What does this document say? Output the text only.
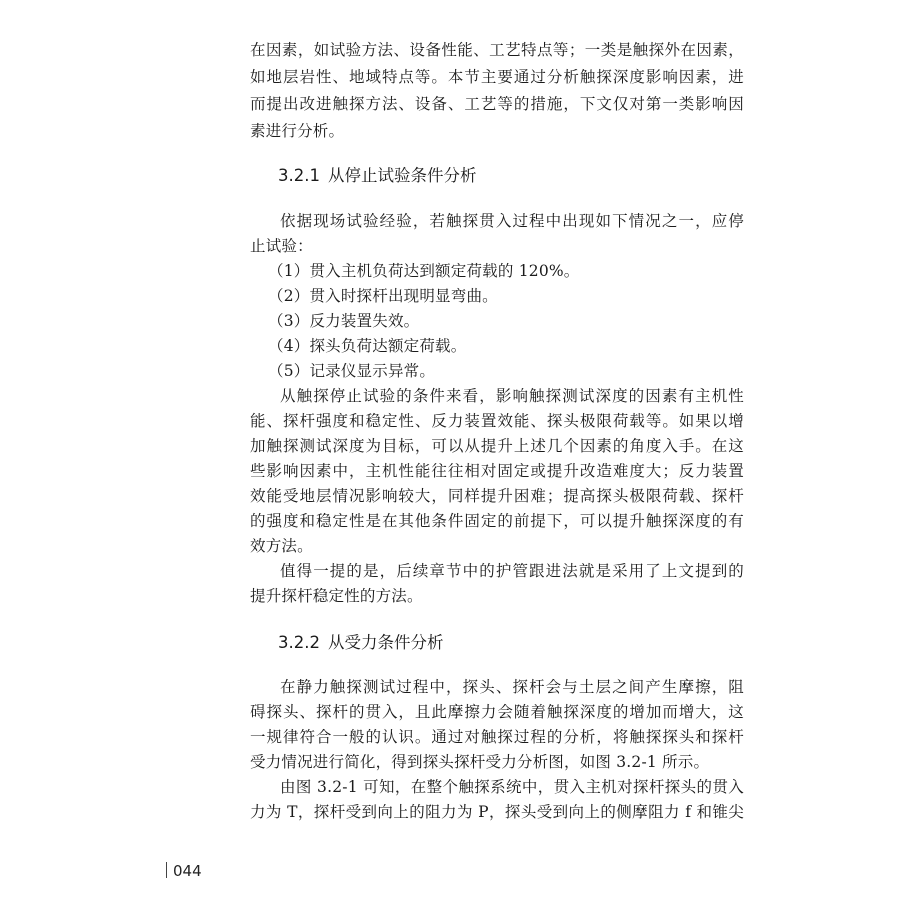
在因素，如试验方法、设备性能、工艺特点等；一类是触探外在因素，
如地层岩性、地域特点等。本节主要通过分析触探深度影响因素，进
而提出改进触探方法、设备、工艺等的措施，下文仅对第一类影响因
素进行分析。
3.2.1 从停止试验条件分析
依据现场试验经验，若触探贯入过程中出现如下情况之一，应停
止试验：
（1）贯入主机负荷达到额定荷载的 120%。
（2）贯入时探杆出现明显弯曲。
（3）反力装置失效。
（4）探头负荷达额定荷载。
（5）记录仪显示异常。
从触探停止试验的条件来看，影响触探测试深度的因素有主机性
能、探杆强度和稳定性、反力装置效能、探头极限荷载等。如果以增
加触探测试深度为目标，可以从提升上述几个因素的角度入手。在这
些影响因素中，主机性能往往相对固定或提升改造难度大；反力装置
效能受地层情况影响较大，同样提升困难；提高探头极限荷载、探杆
的强度和稳定性是在其他条件固定的前提下，可以提升触探深度的有
效方法。
值得一提的是，后续章节中的护管跟进法就是采用了上文提到的
提升探杆稳定性的方法。
3.2.2 从受力条件分析
在静力触探测试过程中，探头、探杆会与土层之间产生摩擦，阻
碍探头、探杆的贯入，且此摩擦力会随着触探深度的增加而增大，这
一规律符合一般的认识。通过对触探过程的分析，将触探探头和探杆
受力情况进行简化，得到探头探杆受力分析图，如图 3.2-1 所示。
由图 3.2-1 可知，在整个触探系统中，贯入主机对探杆探头的贯入
力为 T，探杆受到向上的阻力为 P，探头受到向上的侧摩阻力 f 和锥尖
044
